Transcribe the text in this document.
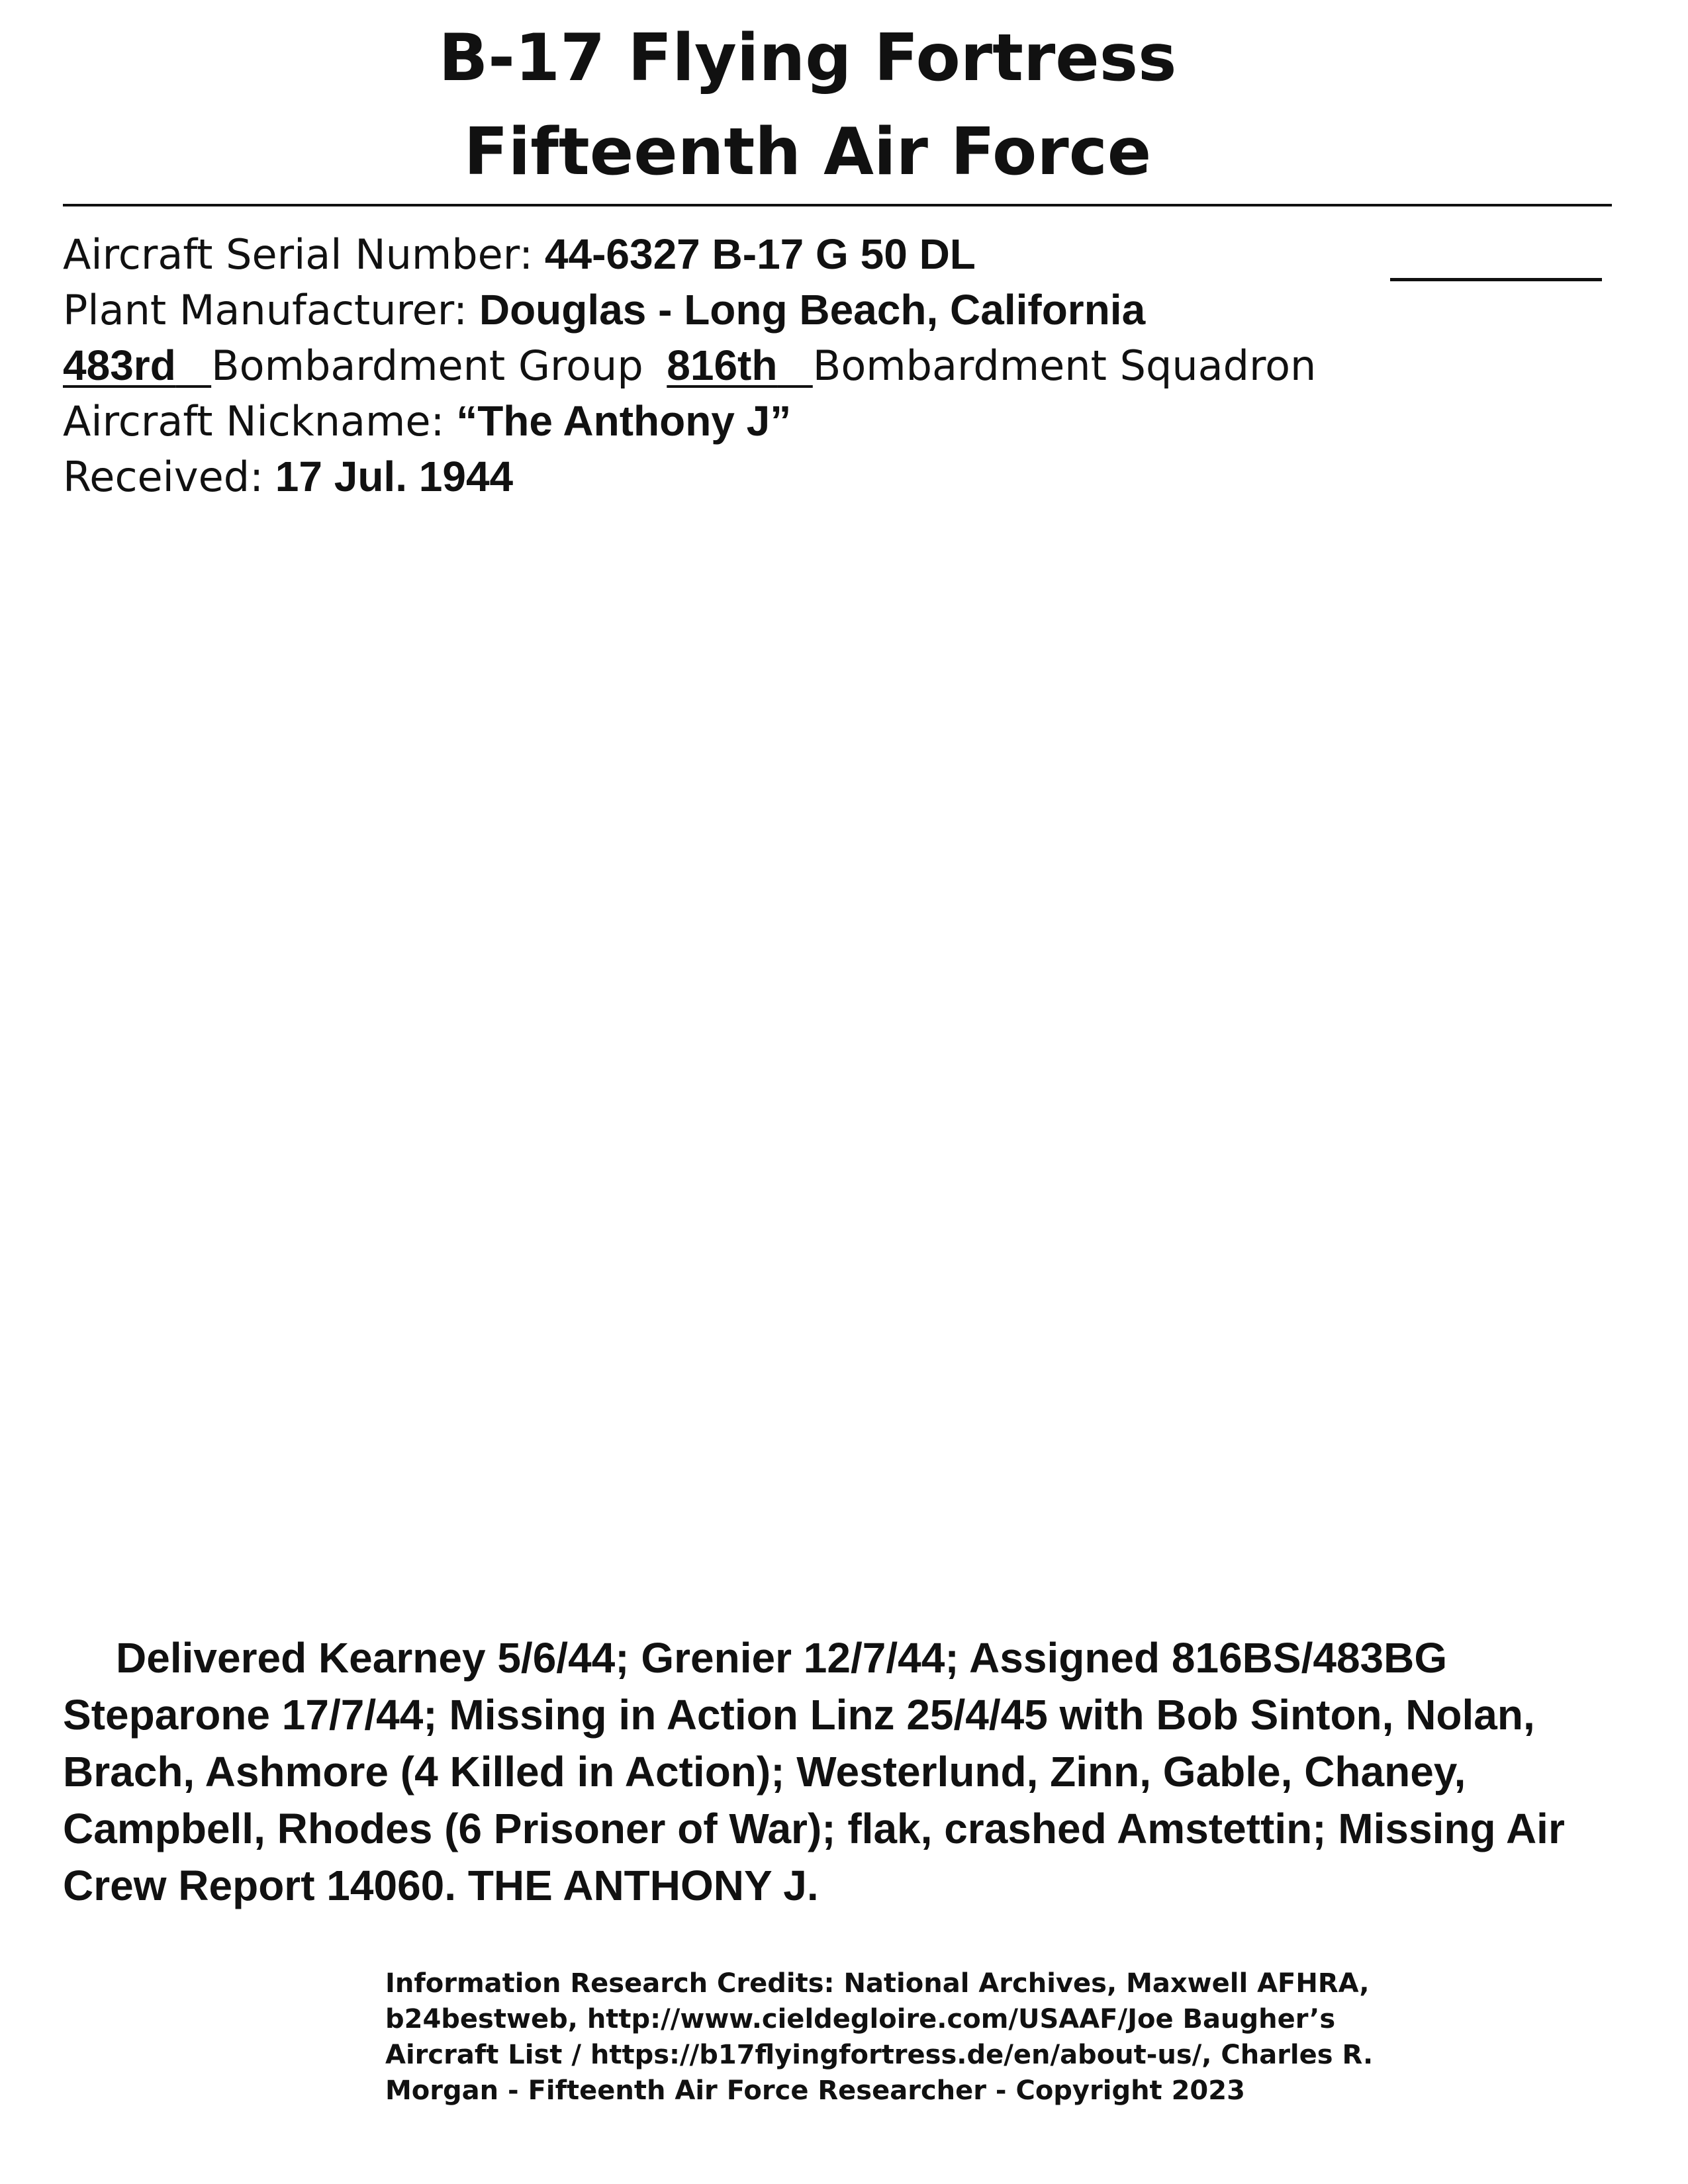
B-17 Flying Fortress
Fifteenth Air Force
Aircraft Serial Number: 44-6327 B-17 G 50 DL
Plant Manufacturer: Douglas - Long Beach, California
483rd Bombardment Group 816th Bombardment Squadron
Aircraft Nickname: “The Anthony J”
Received: 17 Jul. 1944
Delivered Kearney 5/6/44; Grenier 12/7/44; Assigned 816BS/483BG Steparone 17/7/44; Missing in Action Linz 25/4/45 with Bob Sinton, Nolan, Brach, Ashmore (4 Killed in Action); Westerlund, Zinn, Gable, Chaney, Campbell, Rhodes (6 Prisoner of War); flak, crashed Amstettin; Missing Air Crew Report 14060. THE ANTHONY J.
Information Research Credits: National Archives, Maxwell AFHRA, b24bestweb, http://www.cieldegloire.com/USAAF/Joe Baugher’s Aircraft List / https://b17flyingfortress.de/en/about-us/, Charles R. Morgan - Fifteenth Air Force Researcher - Copyright 2023
